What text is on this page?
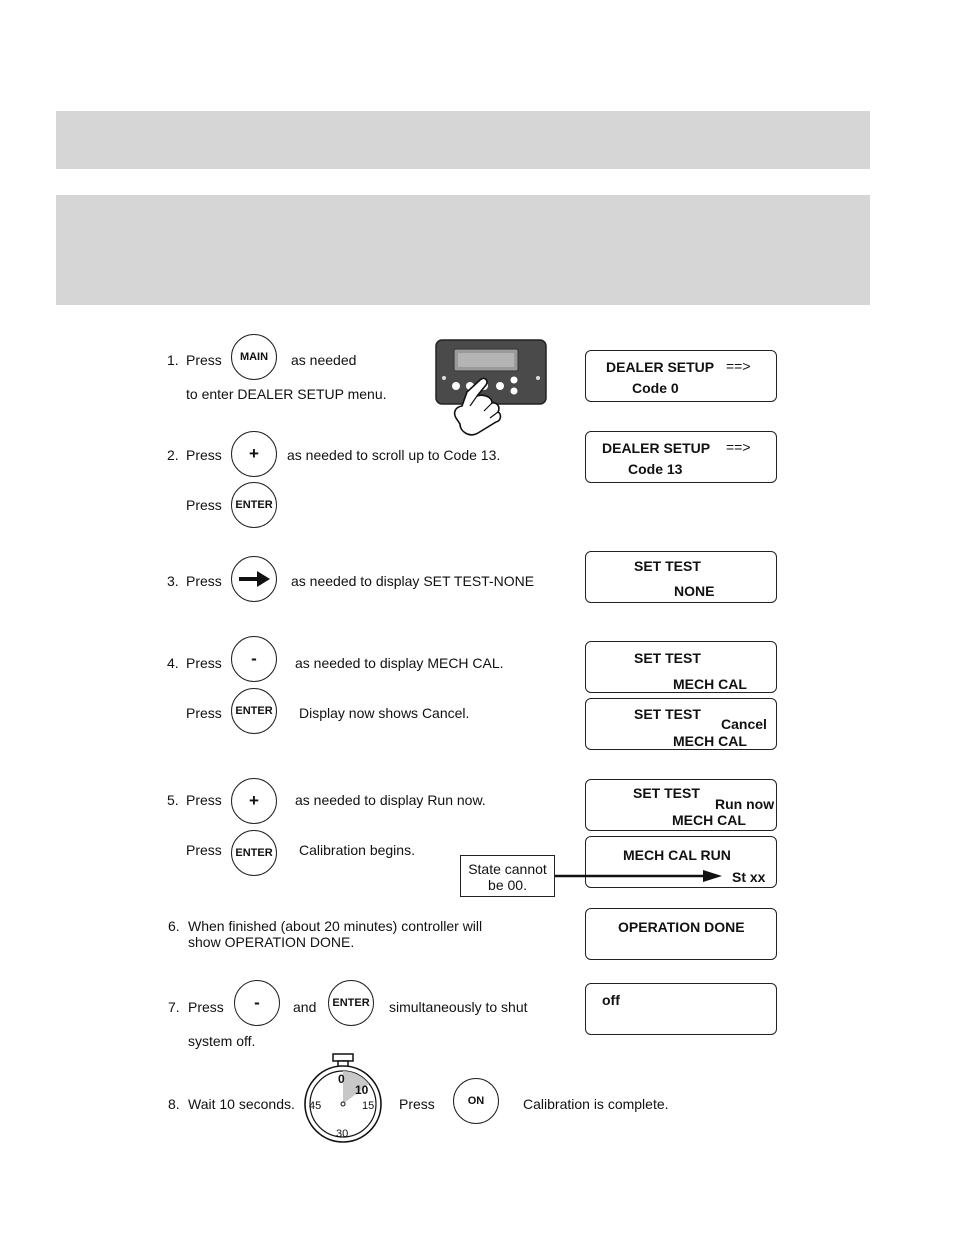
1. Press	MAIN	as needed
to enter DEALER SETUP menu.
DEALER SETUP ==>
Code 0
2. Press	+	as needed to scroll up to Code 13.
Press	ENTER
DEALER SETUP ==>
Code 13
3. Press	as needed to display SET TEST-NONE
SET TEST
NONE
4. Press	-	as needed to display MECH CAL.
Press	ENTER	Display now shows Cancel.
SET TEST
MECH CAL
SET TEST
Cancel
MECH CAL
5. Press	+	as needed to display Run now.
Press	ENTER	Calibration begins.
SET TEST
Run now
MECH CAL
MECH CAL RUN
St xx
State cannot
be 00.
6. When finished (about 20 minutes) controller will
show OPERATION DONE.
OPERATION DONE
7. Press	-	and	ENTER	simultaneously to shut
system off.
off
8. Wait 10 seconds.
0
10
15
30
45	Press	ON	Calibration is complete.
